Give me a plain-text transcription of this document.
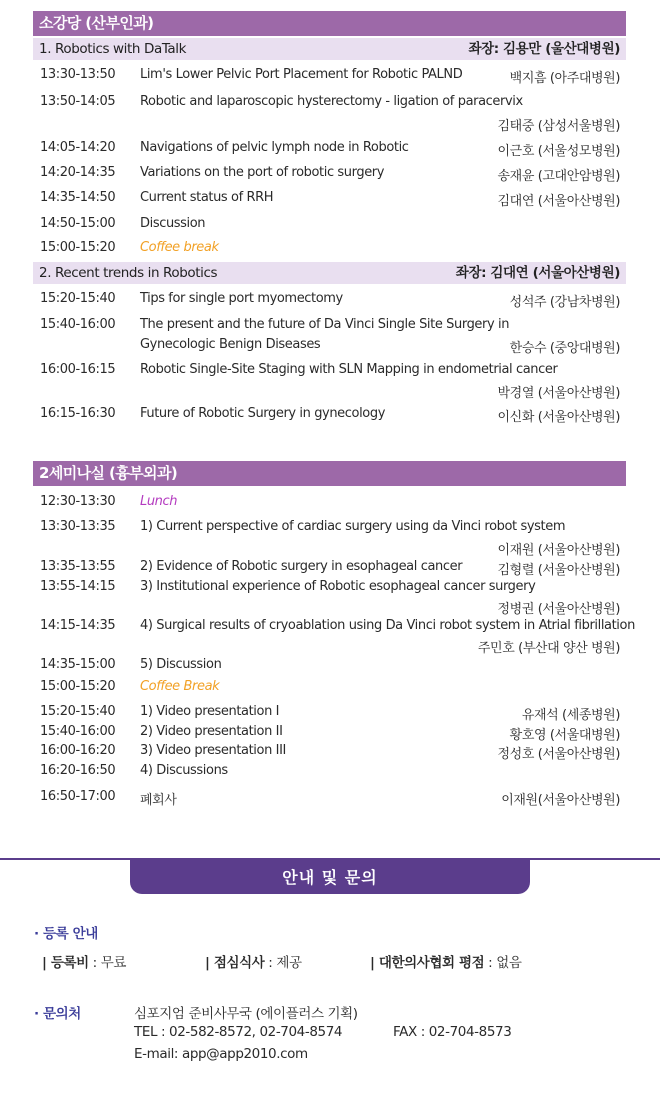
소강당 (산부인과)
1. Robotics with DaTalk	좌장: 김용만 (울산대병원)
13:30-13:50 Lim's Lower Pelvic Port Placement for Robotic PALND	백지흠 (아주대병원)
13:50-14:05 Robotic and laparoscopic hysterectomy - ligation of paracervix
김태중 (삼성서울병원)
14:05-14:20 Navigations of pelvic lymph node in Robotic	이근호 (서울성모병원)
14:20-14:35 Variations on the port of robotic surgery	송재윤 (고대안암병원)
14:35-14:50 Current status of RRH	김대연 (서울아산병원)
14:50-15:00 Discussion
15:00-15:20 Coffee break
2. Recent trends in Robotics	좌장: 김대연 (서울아산병원)
15:20-15:40 Tips for single port myomectomy	성석주 (강남차병원)
15:40-16:00 The present and the future of Da Vinci Single Site Surgery in
Gynecologic Benign Diseases	한승수 (중앙대병원)
16:00-16:15 Robotic Single-Site Staging with SLN Mapping in endometrial cancer
박경열 (서울아산병원)
16:15-16:30 Future of Robotic Surgery in gynecology	이신화 (서울아산병원)
2세미나실 (흉부외과)
12:30-13:30 Lunch
13:30-13:35 1) Current perspective of cardiac surgery using da Vinci robot system
이재원 (서울아산병원)
13:35-13:55 2) Evidence of Robotic surgery in esophageal cancer	김형렬 (서울아산병원)
13:55-14:15 3) Institutional experience of Robotic esophageal cancer surgery
정병권 (서울아산병원)
14:15-14:35 4) Surgical results of cryoablation using Da Vinci robot system in Atrial fibrillation
주민호 (부산대 양산 병원)
14:35-15:00 5) Discussion
15:00-15:20 Coffee Break
15:20-15:40 1) Video presentation I	유재석 (세종병원)
15:40-16:00 2) Video presentation II	황호영 (서울대병원)
16:00-16:20 3) Video presentation III	정성호 (서울아산병원)
16:20-16:50 4) Discussions
16:50-17:00 폐회사	이재원(서울아산병원)
안내 및 문의
· 등록 안내
| 등록비 : 무료	| 점심식사 : 제공	| 대한의사협회 평점 : 없음
· 문의처	심포지엄 준비사무국 (에이플러스 기획)
TEL : 02-582-8572, 02-704-8574	FAX : 02-704-8573
E-mail: app@app2010.com
